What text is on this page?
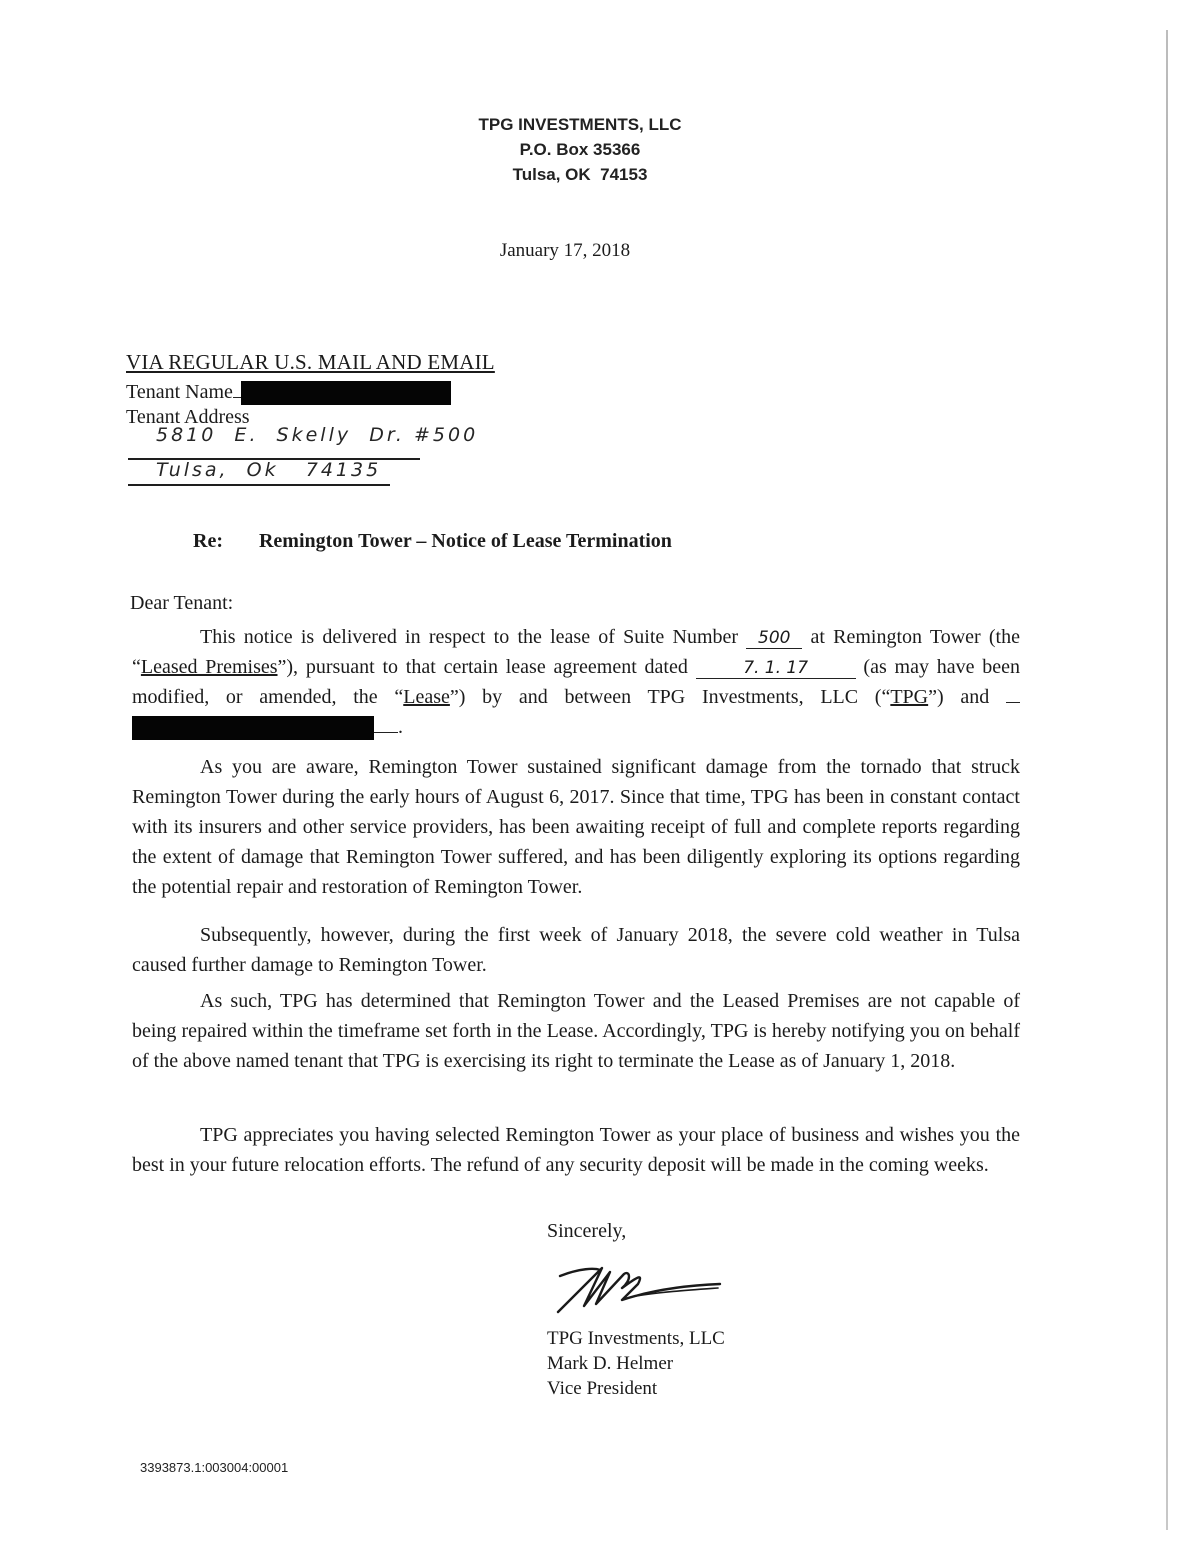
TPG INVESTMENTS, LLC
P.O. Box 35366
Tulsa, OK  74153
January 17, 2018
VIA REGULAR U.S. MAIL AND EMAIL
Tenant Name
Tenant Address
5810  E.  Skelly  Dr. #500
Tulsa,  Ok   74135
Re: Remington Tower – Notice of Lease Termination
Dear Tenant:
This notice is delivered in respect to the lease of Suite Number 500 at Remington Tower (the “Leased Premises”), pursuant to that certain lease agreement dated	7. 1. 17 (as may have been modified, or amended, the “Lease”) by and between TPG Investments, LLC (“TPG”) and .
As you are aware, Remington Tower sustained significant damage from the tornado that struck Remington Tower during the early hours of August 6, 2017. Since that time, TPG has been in constant contact with its insurers and other service providers, has been awaiting receipt of full and complete reports regarding the extent of damage that Remington Tower suffered, and has been diligently exploring its options regarding the potential repair and restoration of Remington Tower.
Subsequently, however, during the first week of January 2018, the severe cold weather in Tulsa caused further damage to Remington Tower.
As such, TPG has determined that Remington Tower and the Leased Premises are not capable of being repaired within the timeframe set forth in the Lease. Accordingly, TPG is hereby notifying you on behalf of the above named tenant that TPG is exercising its right to terminate the Lease as of January 1, 2018.
TPG appreciates you having selected Remington Tower as your place of business and wishes you the best in your future relocation efforts. The refund of any security deposit will be made in the coming weeks.
Sincerely,
TPG Investments, LLC
Mark D. Helmer
Vice President
3393873.1:003004:00001
